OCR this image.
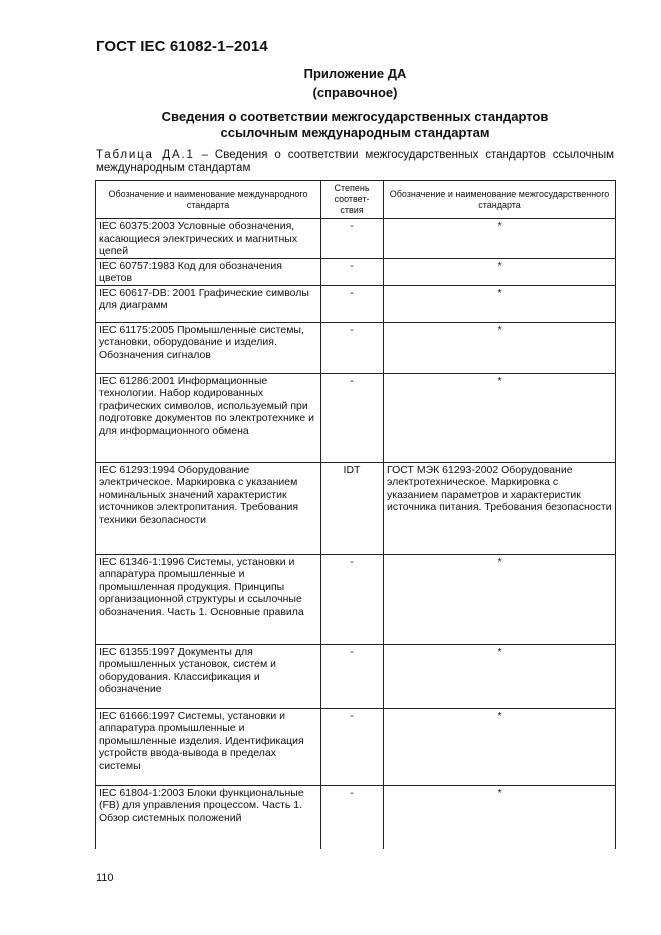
ГОСТ IEC 61082-1–2014
Приложение ДА
(справочное)
Сведения о соответствии межгосударственных стандартов
ссылочным международным стандартам
Таблица ДА.1 – Сведения о соответствии межгосударственных стандартов ссылочным международным стандартам
Обозначение и наименование международного стандарта	Степень соответ-ствия	Обозначение и наименование межгосударственного стандарта
IEC 60375:2003 Условные обозначения, касающиеся электрических и магнитных цепей	-	*
IEC 60757:1983 Код для обозначения цветов	-	*
IEC 60617-DB: 2001 Графические символы для диаграмм	-	*
IEC 61175:2005 Промышленные системы, установки, оборудование и изделия. Обозначения сигналов	-	*
IEC 61286:2001 Информационные технологии. Набор кодированных графических символов, используемый при подготовке документов по электротехнике и для информационного обмена	-	*
IEC 61293:1994 Оборудование электрическое. Маркировка с указанием номинальных значений характеристик источников электропитания. Требования техники безопасности	IDT	ГОСТ МЭК 61293-2002 Оборудование электротехническое. Маркировка с указанием параметров и характеристик источника питания. Требования безопасности
IEC 61346-1:1996 Системы, установки и аппаратура промышленные и промышленная продукция. Принципы организационной структуры и ссылочные обозначения. Часть 1. Основные правила	-	*
IEC 61355:1997 Документы для промышленных установок, систем и оборудования. Классификация и обозначение	-	*
IEC 61666:1997 Системы, установки и аппаратура промышленные и промышленные изделия. Идентификация устройств ввода-вывода в пределах системы	-	*
IEC 61804-1:2003 Блоки функциональные (FB) для управления процессом. Часть 1. Обзор системных положений	-	*
110
